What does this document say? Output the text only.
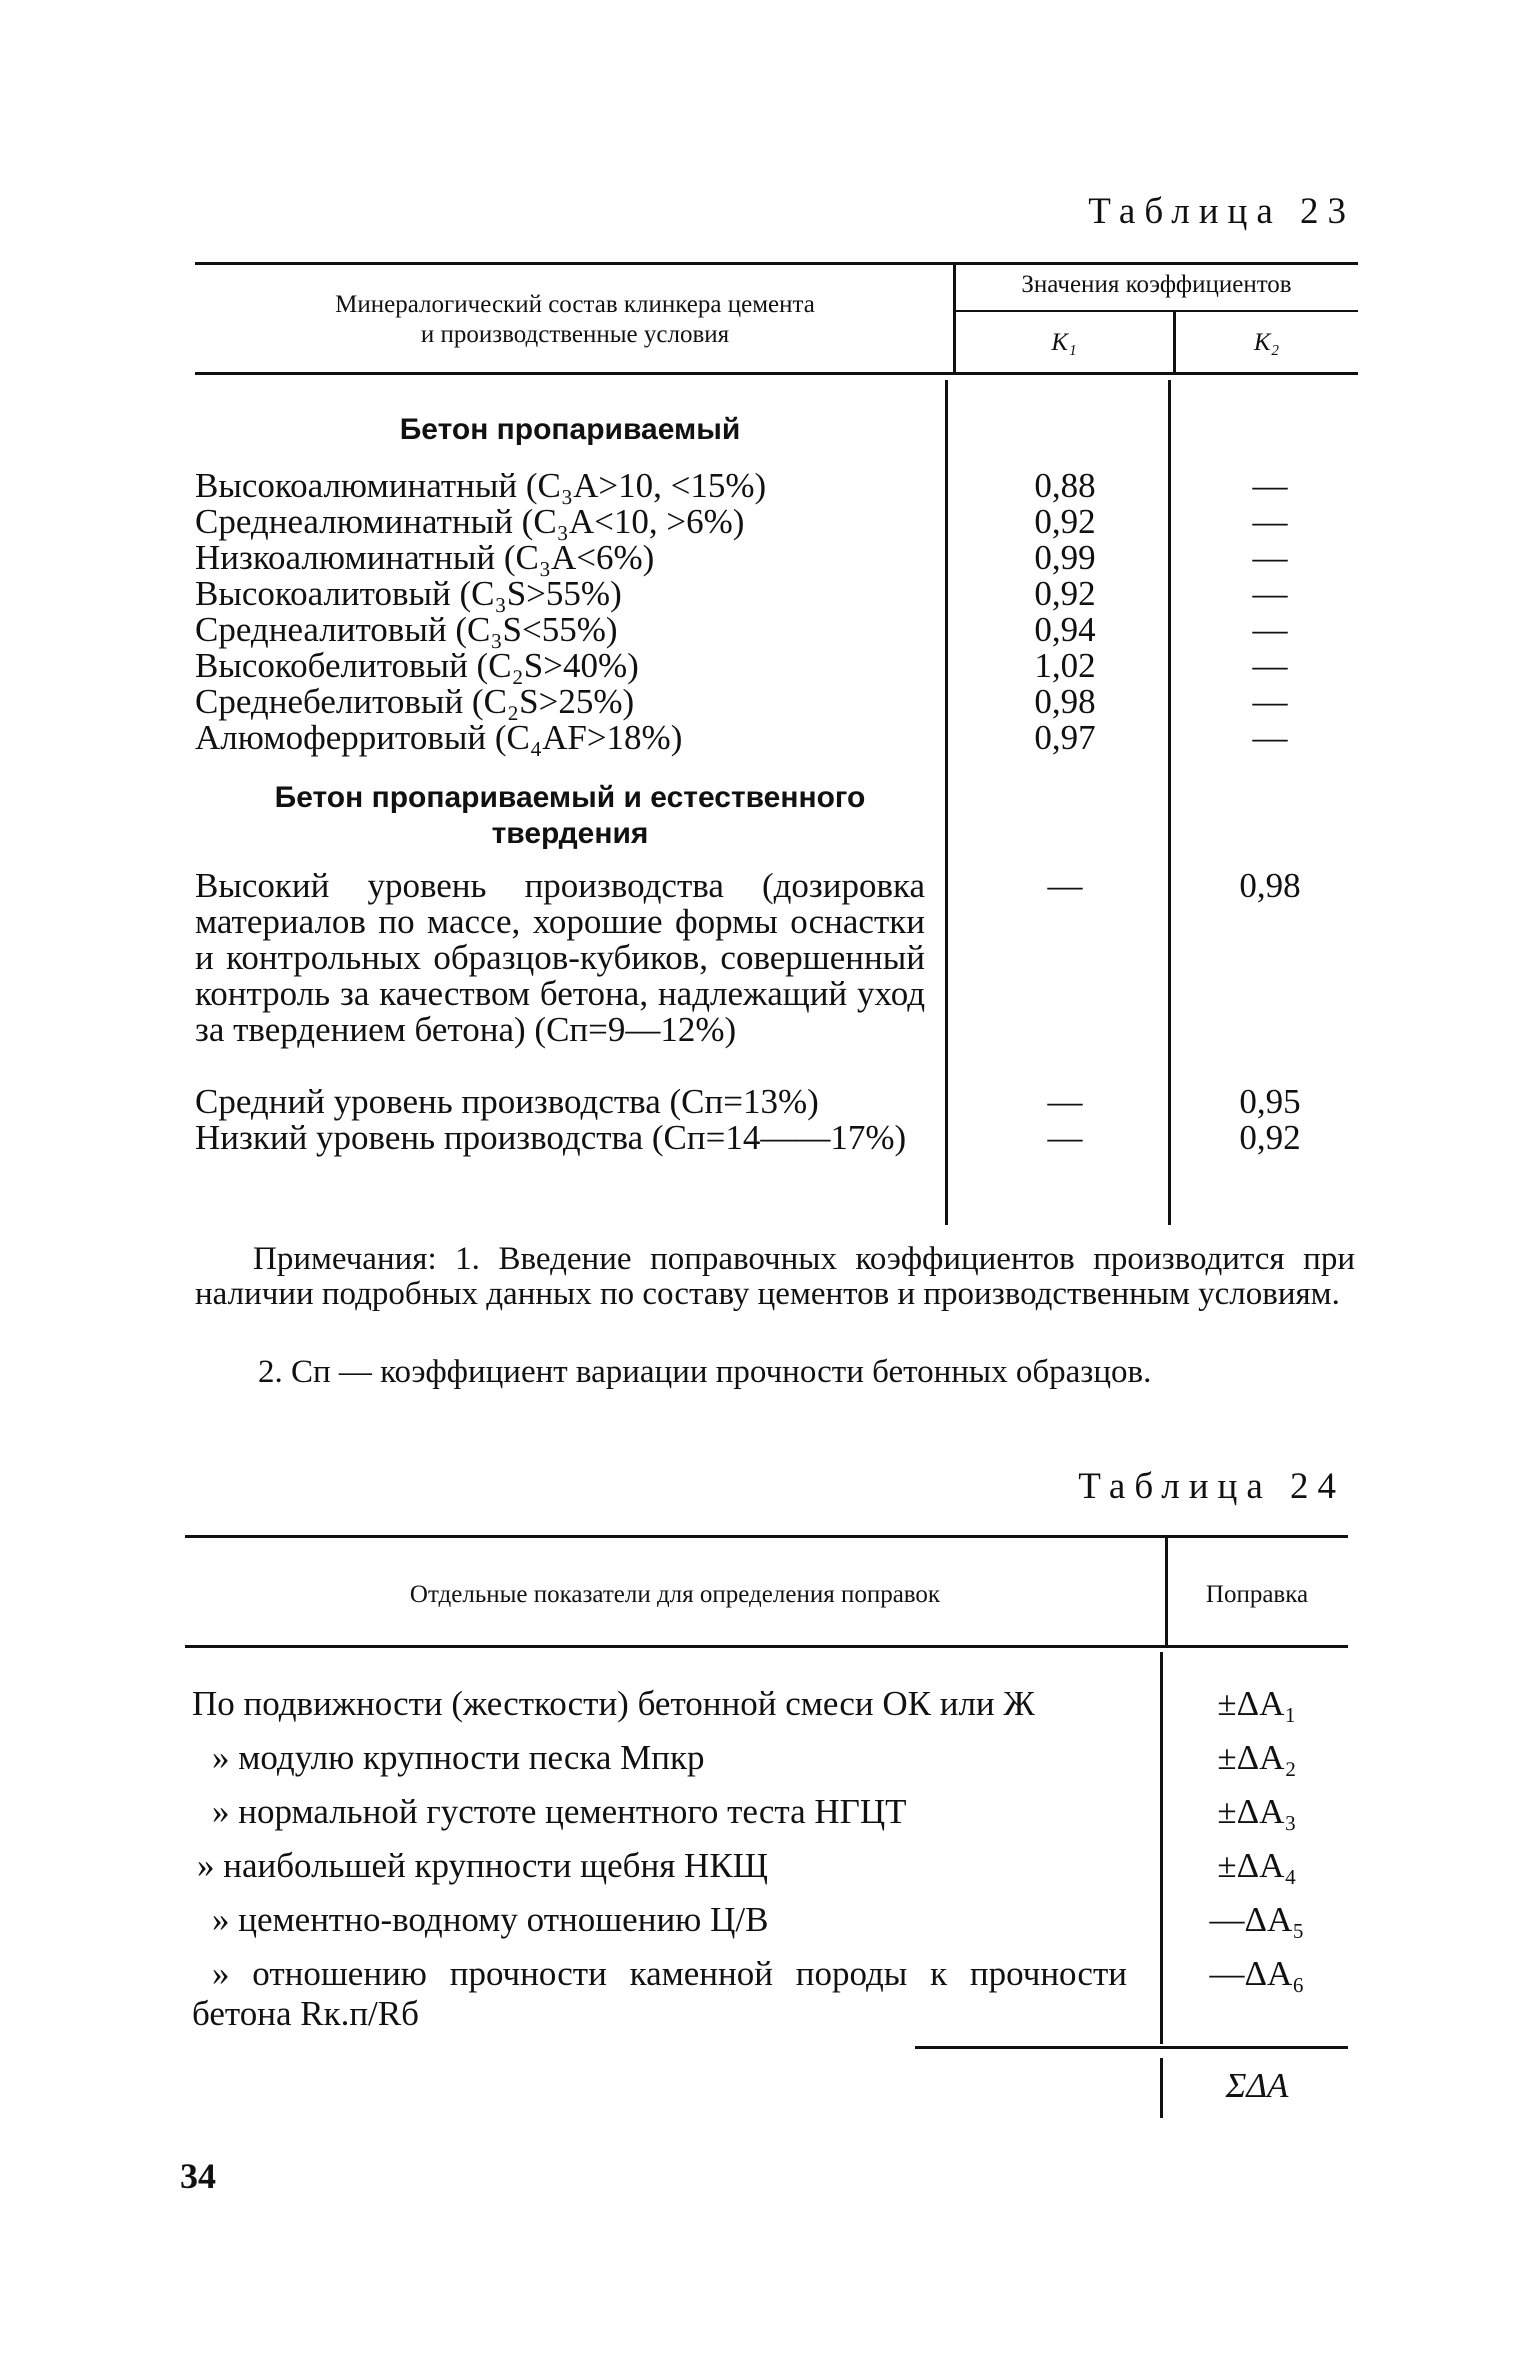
Таблица 23
Минералогический состав клинкера цемента
и производственные условия
Значения коэффициентов
K₁	K₂
Бетон пропариваемый
Высокоалюминатный (C₃A>10, <15%)
Среднеалюминатный (C₃A<10, >6%)
Низкоалюминатный (C₃A<6%)
Высокоалитовый (C₃S>55%)
Среднеалитовый (C₃S<55%)
Высокобелитовый (C₂S>40%)
Среднебелитовый (C₂S>25%)
Алюмоферритовый (C₄AF>18%)
0,88
0,92
0,99
0,92
0,94
1,02
0,98
0,97
—
—
—
—
—
—
—
—
Бетон пропариваемый и естественного
твердения
Высокий уровень производства (дозировка материалов по массе, хорошие формы оснастки и контрольных образцов-кубиков, совершенный контроль за качеством бетона, надлежащий уход за твердением бетона) (Cп=9—12%)
Средний уровень производства (Cп=13%)
Низкий уровень производства (Cп=14——17%)
—
—
—
0,98
0,95
0,92
Примечания: 1. Введение поправочных коэффициентов производится при наличии подробных данных по составу цементов и производственным условиям.
2. Cп — коэффициент вариации прочности бетонных образцов.
Таблица 24
Отдельные показатели для определения поправок	Поправка
По подвижности (жесткости) бетонной смеси ОК или Ж
» модулю крупности песка Mпкр
» нормальной густоте цементного теста НГЦТ
» наибольшей крупности щебня НКЩ
» цементно-водному отношению Ц/В
» отношению прочности каменной породы к прочности бетона Rк.п/Rб
±ΔA₁
±ΔA₂
±ΔA₃
±ΔA₄
—ΔA₅
—ΔA₆
ΣΔA
34
